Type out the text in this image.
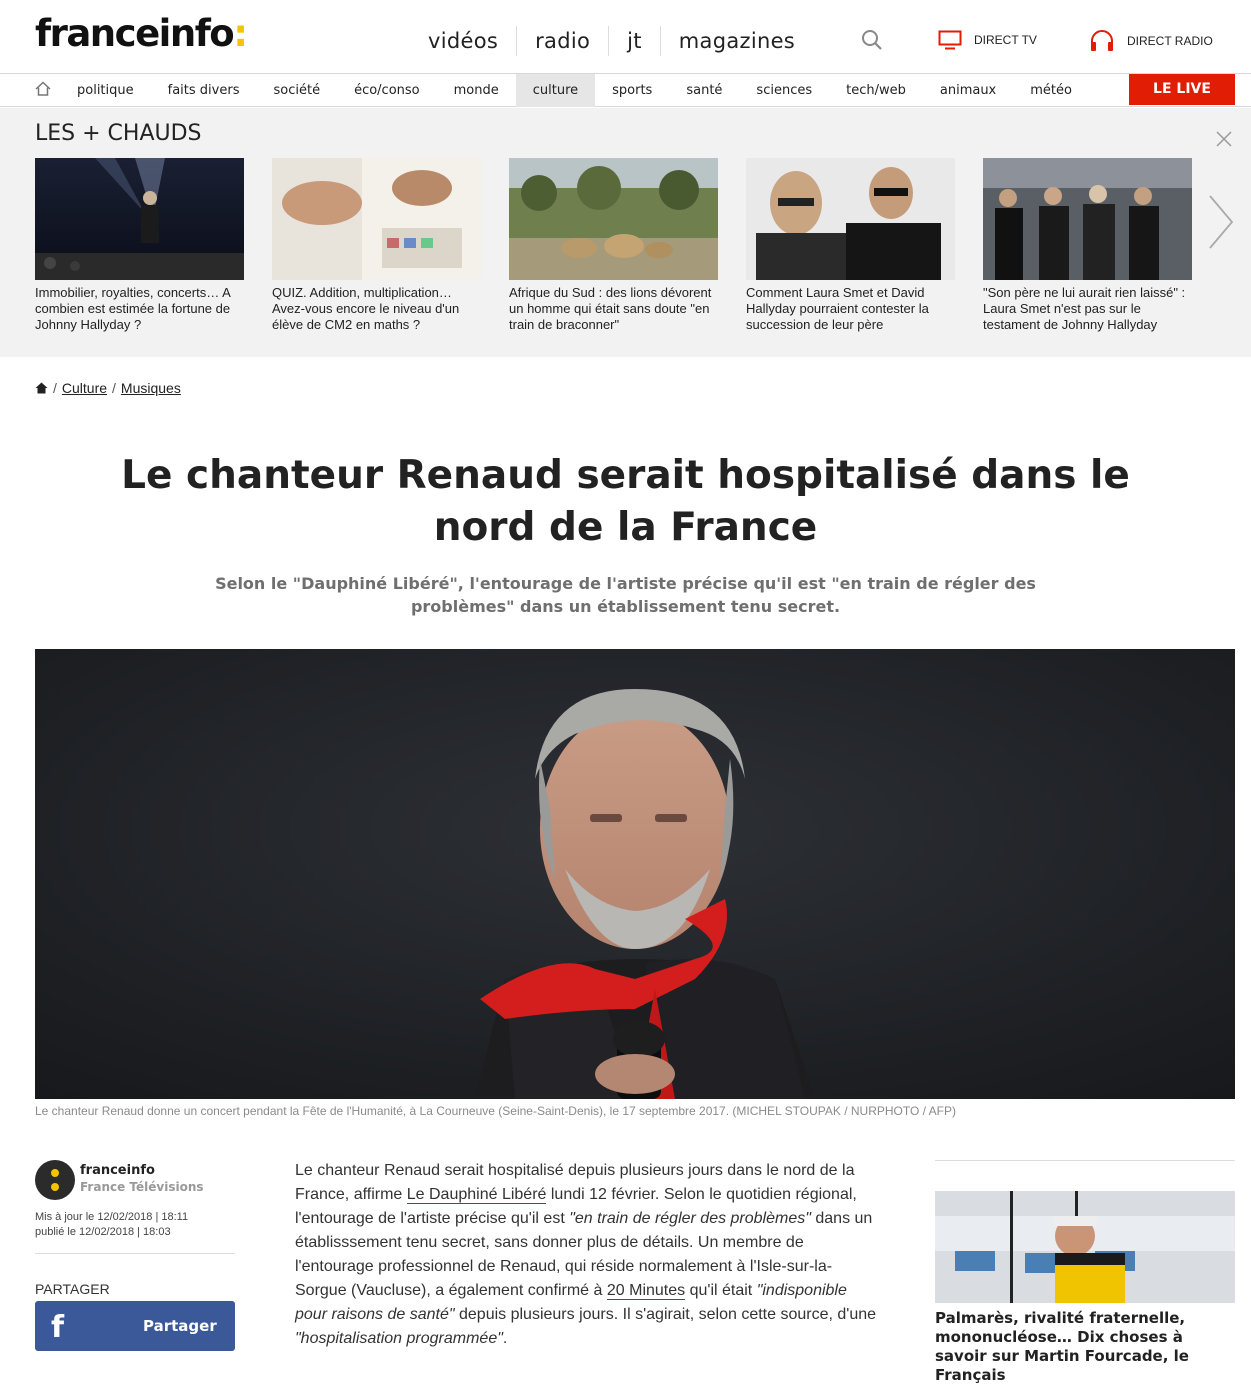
franceinfo:	vidéos	radio	jt	magazines	DIRECT TV	DIRECT RADIO
politique	faits divers	société	éco/conso	monde	culture	sports	santé	sciences	tech/web	animaux	météo	LE LIVE
LES + CHAUDS
Immobilier, royalties, concerts… A combien est estimée la fortune de Johnny Hallyday ?
QUIZ. Addition, multiplication… Avez-vous encore le niveau d'un élève de CM2 en maths ?
Afrique du Sud : des lions dévorent un homme qui était sans doute "en train de braconner"
Comment Laura Smet et David Hallyday pourraient contester la succession de leur père
"Son père ne lui aurait rien laissé" : Laura Smet n'est pas sur le testament de Johnny Hallyday
/ Culture / Musiques
Le chanteur Renaud serait hospitalisé dans le nord de la France

Selon le "Dauphiné Libéré", l'entourage de l'artiste précise qu'il est "en train de régler des problèmes" dans un établissement tenu secret.

Le chanteur Renaud donne un concert pendant la Fête de l'Humanité, à La Courneuve (Seine-Saint-Denis), le 17 septembre 2017. (MICHEL STOUPAK / NURPHOTO / AFP)
franceinfo
France Télévisions
Mis à jour le 12/02/2018 | 18:11
publié le 12/02/2018 | 18:03
PARTAGER
f	Partager
Le chanteur Renaud serait hospitalisé depuis plusieurs jours dans le nord de la France, affirme Le Dauphiné Libéré lundi 12 février. Selon le quotidien régional, l'entourage de l'artiste précise qu'il est "en train de régler des problèmes" dans un établisssement tenu secret, sans donner plus de détails. Un membre de l'entourage professionnel de Renaud, qui réside normalement à l'Isle-sur-la-Sorgue (Vaucluse), a également confirmé à 20 Minutes qu'il était "indisponible pour raisons de santé" depuis plusieurs jours. Il s'agirait, selon cette source, d'une "hospitalisation programmée".
Palmarès, rivalité fraternelle, mononucléose… Dix choses à savoir sur Martin Fourcade, le Français
